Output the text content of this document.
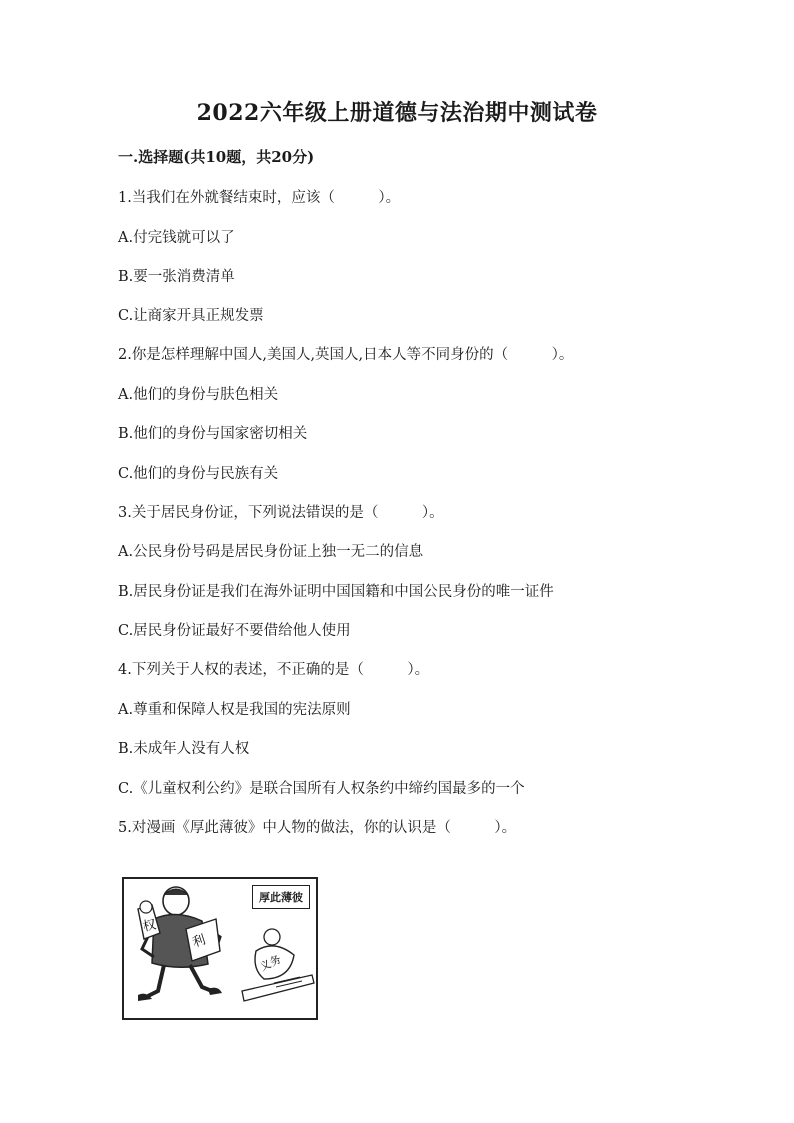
2022六年级上册道德与法治期中测试卷
一.选择题(共10题，共20分)
1.当我们在外就餐结束时，应该（　　　）。
A.付完钱就可以了
B.要一张消费清单
C.让商家开具正规发票
2.你是怎样理解中国人,美国人,英国人,日本人等不同身份的（　　　）。
A.他们的身份与肤色相关
B.他们的身份与国家密切相关
C.他们的身份与民族有关
3.关于居民身份证，下列说法错误的是（　　　）。
A.公民身份号码是居民身份证上独一无二的信息
B.居民身份证是我们在海外证明中国国籍和中国公民身份的唯一证件
C.居民身份证最好不要借给他人使用
4.下列关于人权的表述，不正确的是（　　　）。
A.尊重和保障人权是我国的宪法原则
B.未成年人没有人权
C.《儿童权利公约》是联合国所有人权条约中缔约国最多的一个
5.对漫画《厚此薄彼》中人物的做法，你的认识是（　　　）。
权
利
义务
厚此薄彼
